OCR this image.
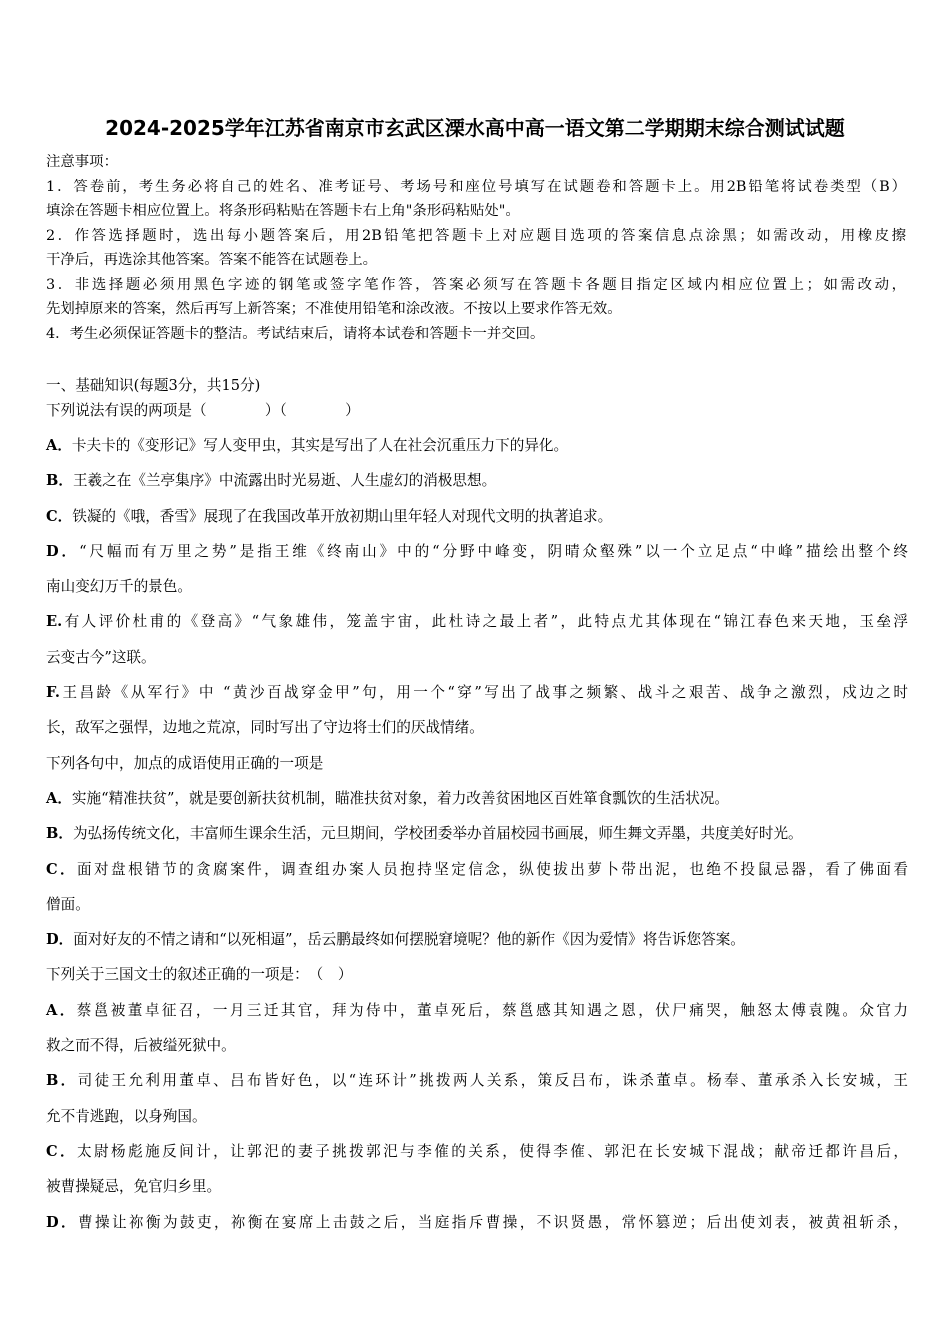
2024-2025学年江苏省南京市玄武区溧水高中高一语文第二学期期末综合测试试题

注意事项：

1．答卷前，考生务必将自己的姓名、准考证号、考场号和座位号填写在试题卷和答题卡上。用2B铅笔将试卷类型（B）

填涂在答题卡相应位置上。将条形码粘贴在答题卡右上角"条形码粘贴处"。

2．作答选择题时，选出每小题答案后，用2B铅笔把答题卡上对应题目选项的答案信息点涂黑；如需改动，用橡皮擦

干净后，再选涂其他答案。答案不能答在试题卷上。

3．非选择题必须用黑色字迹的钢笔或签字笔作答，答案必须写在答题卡各题目指定区域内相应位置上；如需改动，

先划掉原来的答案，然后再写上新答案；不准使用铅笔和涂改液。不按以上要求作答无效。

4．考生必须保证答题卡的整洁。考试结束后，请将本试卷和答题卡一并交回。

一、基础知识(每题3分，共15分)

下列说法有误的两项是（　　　　）（　　　　）

A．卡夫卡的《变形记》写人变甲虫，其实是写出了人在社会沉重压力下的异化。

B．王羲之在《兰亭集序》中流露出时光易逝、人生虚幻的消极思想。

C．铁凝的《哦，香雪》展现了在我国改革开放初期山里年轻人对现代文明的执著追求。

D．“尺幅而有万里之势”是指王维《终南山》中的“分野中峰变，阴晴众壑殊”以一个立足点“中峰”描绘出整个终

南山变幻万千的景色。

E.有人评价杜甫的《登高》“气象雄伟，笼盖宇宙，此杜诗之最上者”，此特点尤其体现在“锦江春色来天地，玉垒浮

云变古今”这联。

F.王昌龄《从军行》中 “黄沙百战穿金甲”句，用一个“穿”写出了战事之频繁、战斗之艰苦、战争之激烈，戍边之时

长，敌军之强悍，边地之荒凉，同时写出了守边将士们的厌战情绪。

下列各句中，加点的成语使用正确的一项是

A．实施“精准扶贫”，就是要创新扶贫机制，瞄准扶贫对象，着力改善贫困地区百姓箪食瓢饮的生活状况。

B．为弘扬传统文化，丰富师生课余生活，元旦期间，学校团委举办首届校园书画展，师生舞文弄墨，共度美好时光。

C．面对盘根错节的贪腐案件，调查组办案人员抱持坚定信念，纵使拔出萝卜带出泥，也绝不投鼠忌器，看了佛面看

僧面。

D．面对好友的不情之请和“以死相逼”，岳云鹏最终如何摆脱窘境呢？他的新作《因为爱情》将告诉您答案。

下列关于三国文士的叙述正确的一项是：　（　）

A．蔡邕被董卓征召，一月三迁其官，拜为侍中，董卓死后，蔡邕感其知遇之恩，伏尸痛哭，触怒太傅袁隗。众官力

救之而不得，后被缢死狱中。

B．司徒王允利用董卓、吕布皆好色，以“连环计”挑拨两人关系，策反吕布，诛杀董卓。杨奉、董承杀入长安城，王

允不肯逃跑，以身殉国。

C．太尉杨彪施反间计，让郭汜的妻子挑拨郭汜与李傕的关系，使得李傕、郭汜在长安城下混战；献帝迁都许昌后，

被曹操疑忌，免官归乡里。

D．曹操让祢衡为鼓吏，祢衡在宴席上击鼓之后，当庭指斥曹操，不识贤愚，常怀篡逆；后出使刘表，被黄祖斩杀，
